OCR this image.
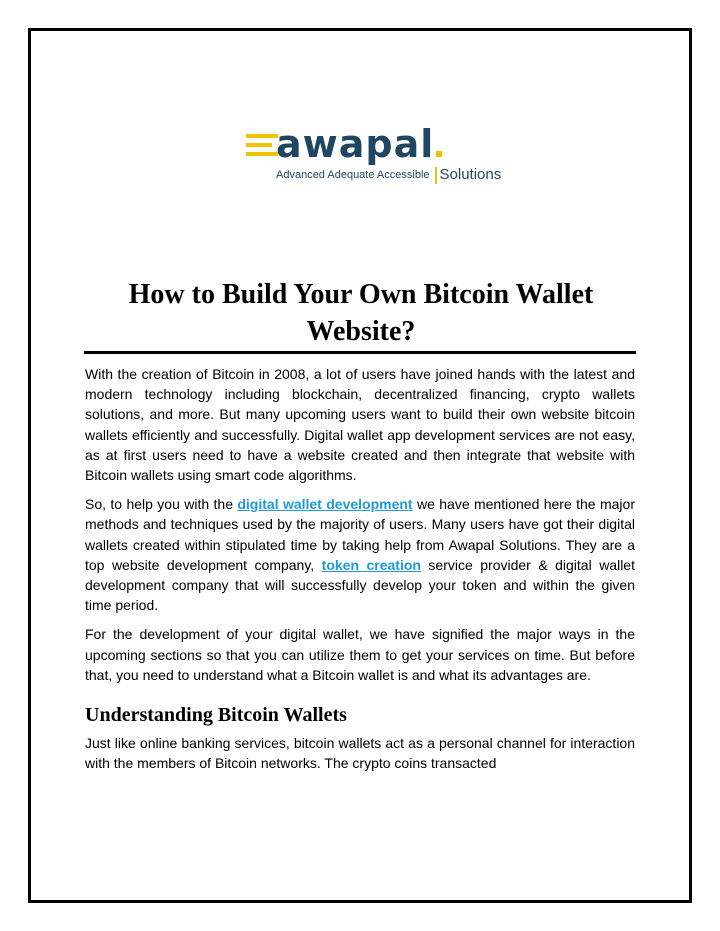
awapal
Advanced Adequate Accessible Solutions
How to Build Your Own Bitcoin Wallet Website?

With the creation of Bitcoin in 2008, a lot of users have joined hands with the latest and modern technology including blockchain, decentralized financing, crypto wallets solutions, and more. But many upcoming users want to build their own website bitcoin wallets efficiently and successfully. Digital wallet app development services are not easy, as at first users need to have a website created and then integrate that website with Bitcoin wallets using smart code algorithms.

So, to help you with the digital wallet development we have mentioned here the major methods and techniques used by the majority of users. Many users have got their digital wallets created within stipulated time by taking help from Awapal Solutions. They are a top website development company, token creation service provider & digital wallet development company that will successfully develop your token and within the given time period.

For the development of your digital wallet, we have signified the major ways in the upcoming sections so that you can utilize them to get your services on time. But before that, you need to understand what a Bitcoin wallet is and what its advantages are.

Understanding Bitcoin Wallets

Just like online banking services, bitcoin wallets act as a personal channel for interaction with the members of Bitcoin networks. The crypto coins transacted
